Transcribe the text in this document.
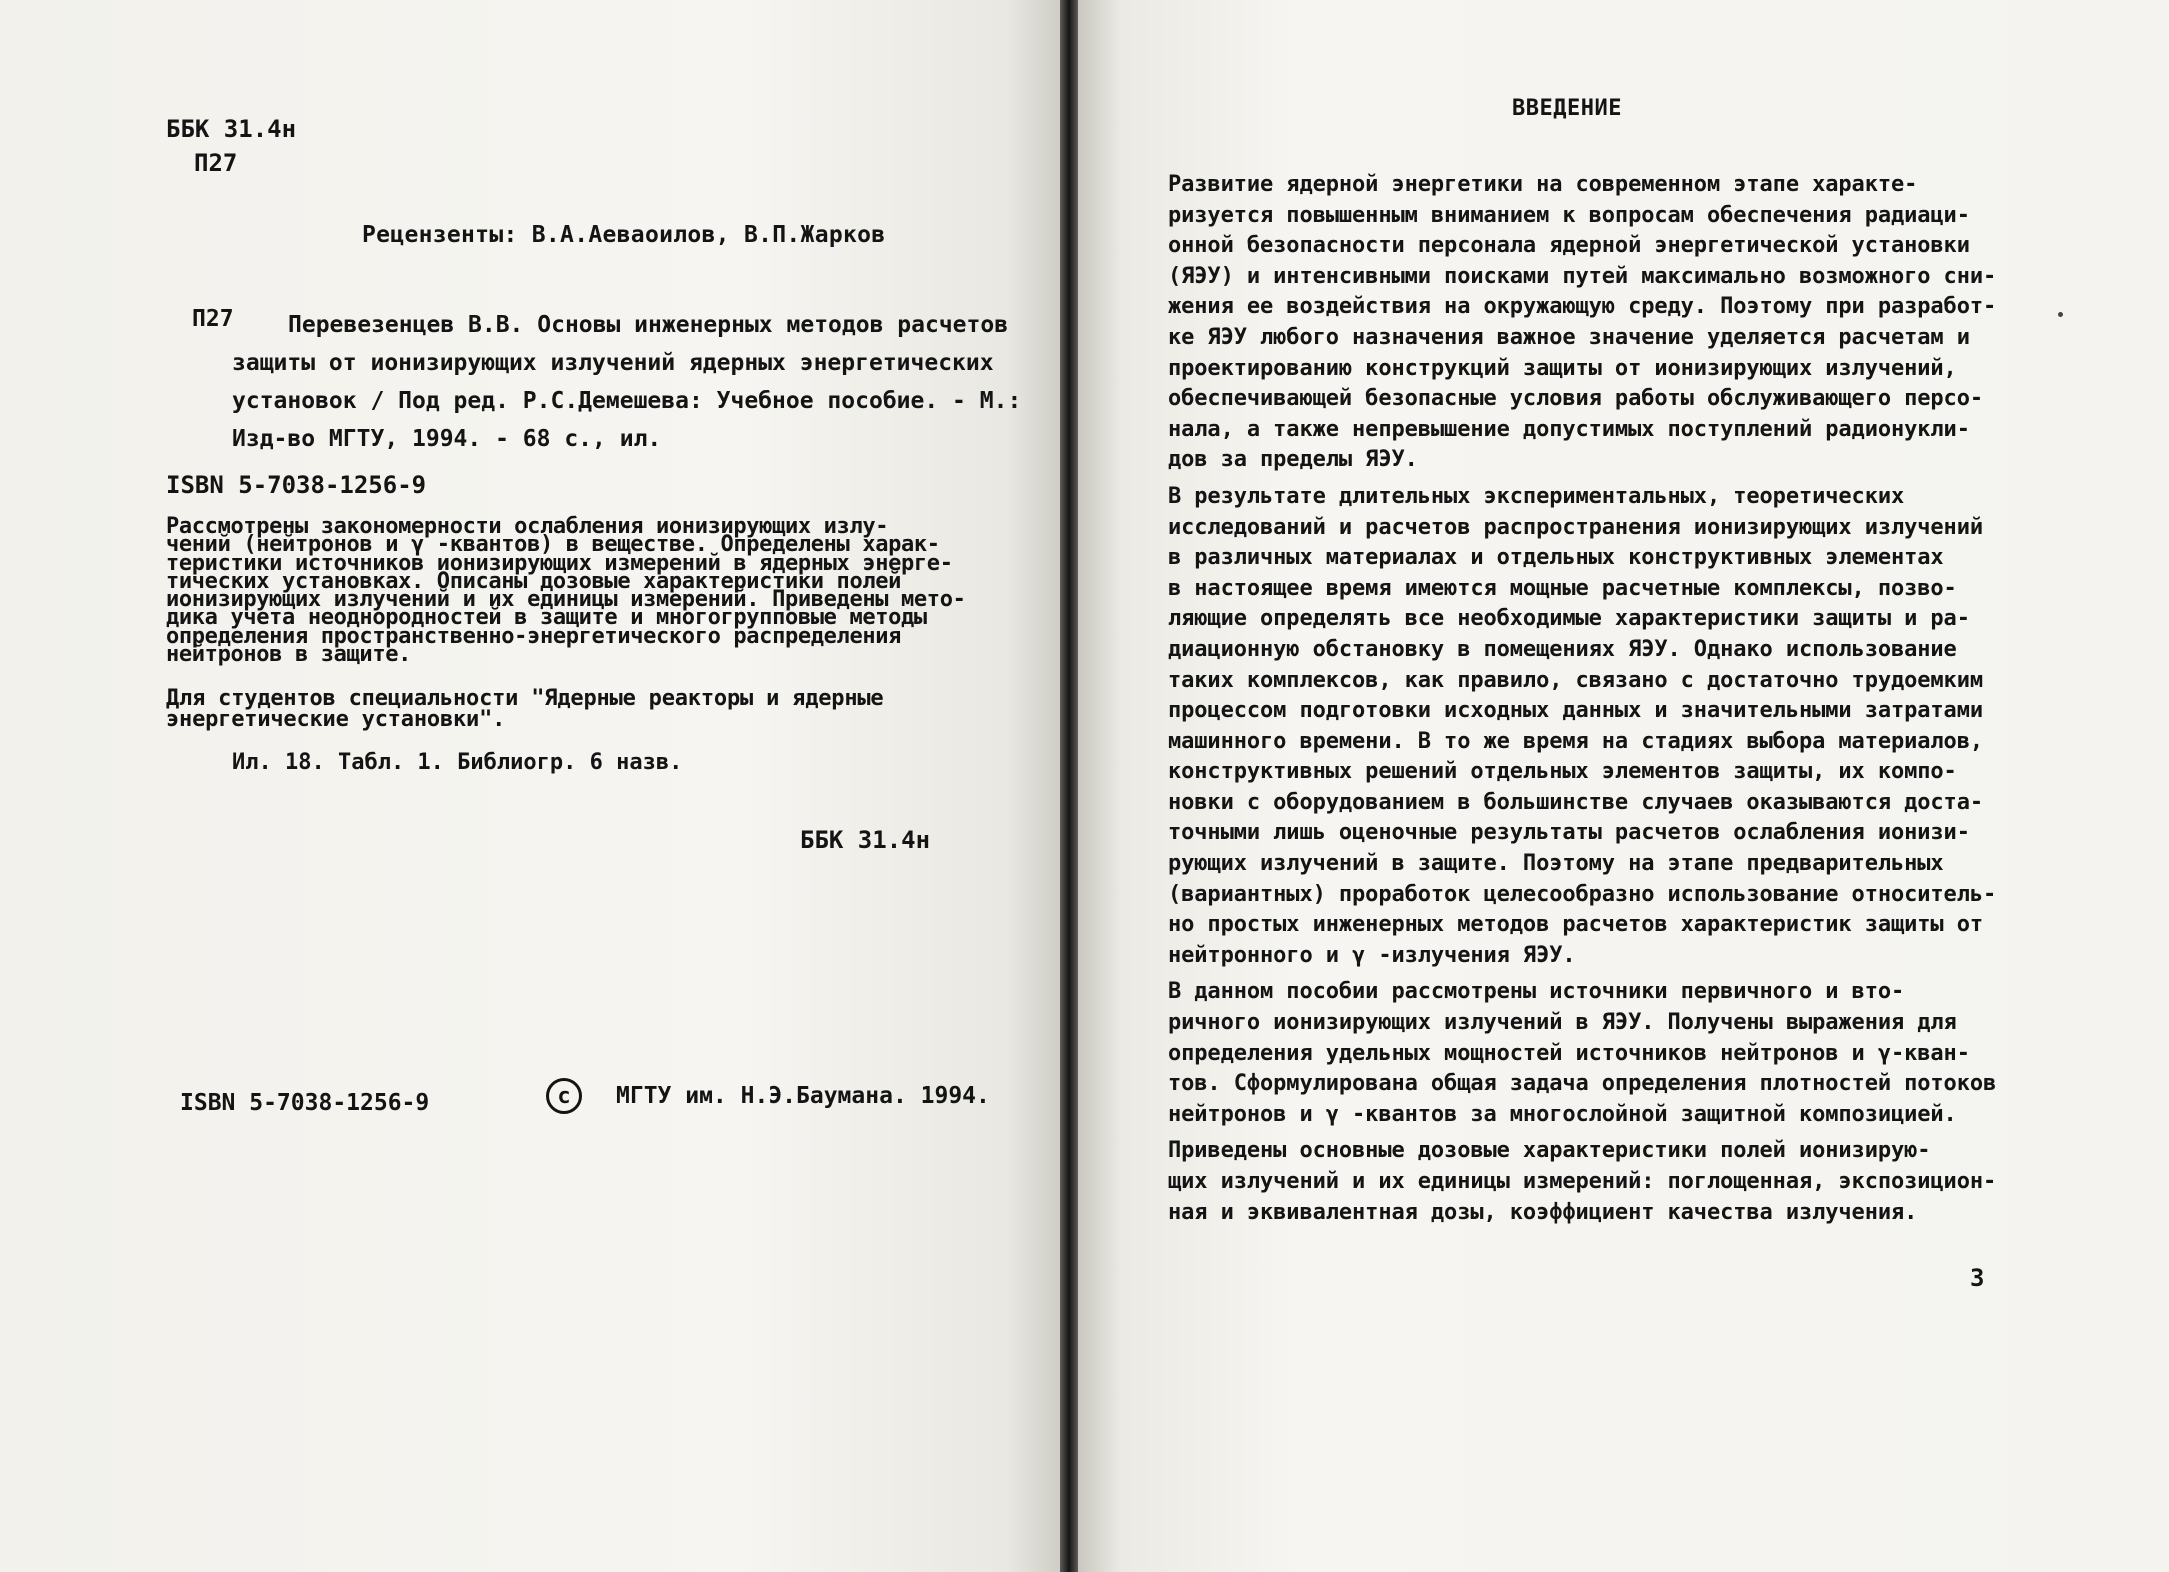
ББК 31.4н
П27
Рецензенты: В.А.Аеваоилов, В.П.Жарков
П27	Перевезенцев В.В. Основы инженерных методов расчетов
защиты от ионизирующих излучений ядерных энергетических
установок / Под ред. Р.С.Демешева: Учебное пособие. - М.:
Изд-во МГТУ, 1994. - 68 с., ил.
ISBN 5-7038-1256-9
Рассмотрены закономерности ослабления ионизирующих излу-
чений (нейтронов и γ -квантов) в веществе. Определены харак-
теристики источников ионизирующих измерений в ядерных энерге-
тических установках. Описаны дозовые характеристики полей
ионизирующих излучений и их единицы измерений. Приведены мето-
дика учета неоднородностей в защите и многогрупповые методы
определения пространственно-энергетического распределения
нейтронов в защите.
Для студентов специальности "Ядерные реакторы и ядерные
энергетические установки".
Ил. 18. Табл. 1. Библиогр. 6 назв.
ББК 31.4н
ISBN 5-7038-1256-9	c	МГТУ им. Н.Э.Баумана. 1994.
ВВЕДЕНИЕ
Развитие ядерной энергетики на современном этапе характе-
ризуется повышенным вниманием к вопросам обеспечения радиаци-
онной безопасности персонала ядерной энергетической установки
(ЯЭУ) и интенсивными поисками путей максимально возможного сни-
жения ее воздействия на окружающую среду. Поэтому при разработ-
ке ЯЭУ любого назначения важное значение уделяется расчетам и
проектированию конструкций защиты от ионизирующих излучений,
обеспечивающей безопасные условия работы обслуживающего персо-
нала, а также непревышение допустимых поступлений радионукли-
дов за пределы ЯЭУ.
В результате длительных экспериментальных, теоретических
исследований и расчетов распространения ионизирующих излучений
в различных материалах и отдельных конструктивных элементах
в настоящее время имеются мощные расчетные комплексы, позво-
ляющие определять все необходимые характеристики защиты и ра-
диационную обстановку в помещениях ЯЭУ. Однако использование
таких комплексов, как правило, связано с достаточно трудоемким
процессом подготовки исходных данных и значительными затратами
машинного времени. В то же время на стадиях выбора материалов,
конструктивных решений отдельных элементов защиты, их компо-
новки с оборудованием в большинстве случаев оказываются доста-
точными лишь оценочные результаты расчетов ослабления ионизи-
рующих излучений в защите. Поэтому на этапе предварительных
(вариантных) проработок целесообразно использование относитель-
но простых инженерных методов расчетов характеристик защиты от
нейтронного и γ -излучения ЯЭУ.
В данном пособии рассмотрены источники первичного и вто-
ричного ионизирующих излучений в ЯЭУ. Получены выражения для
определения удельных мощностей источников нейтронов и γ-кван-
тов. Сформулирована общая задача определения плотностей потоков
нейтронов и γ -квантов за многослойной защитной композицией.
Приведены основные дозовые характеристики полей ионизирую-
щих излучений и их единицы измерений: поглощенная, экспозицион-
ная и эквивалентная дозы, коэффициент качества излучения.
3
